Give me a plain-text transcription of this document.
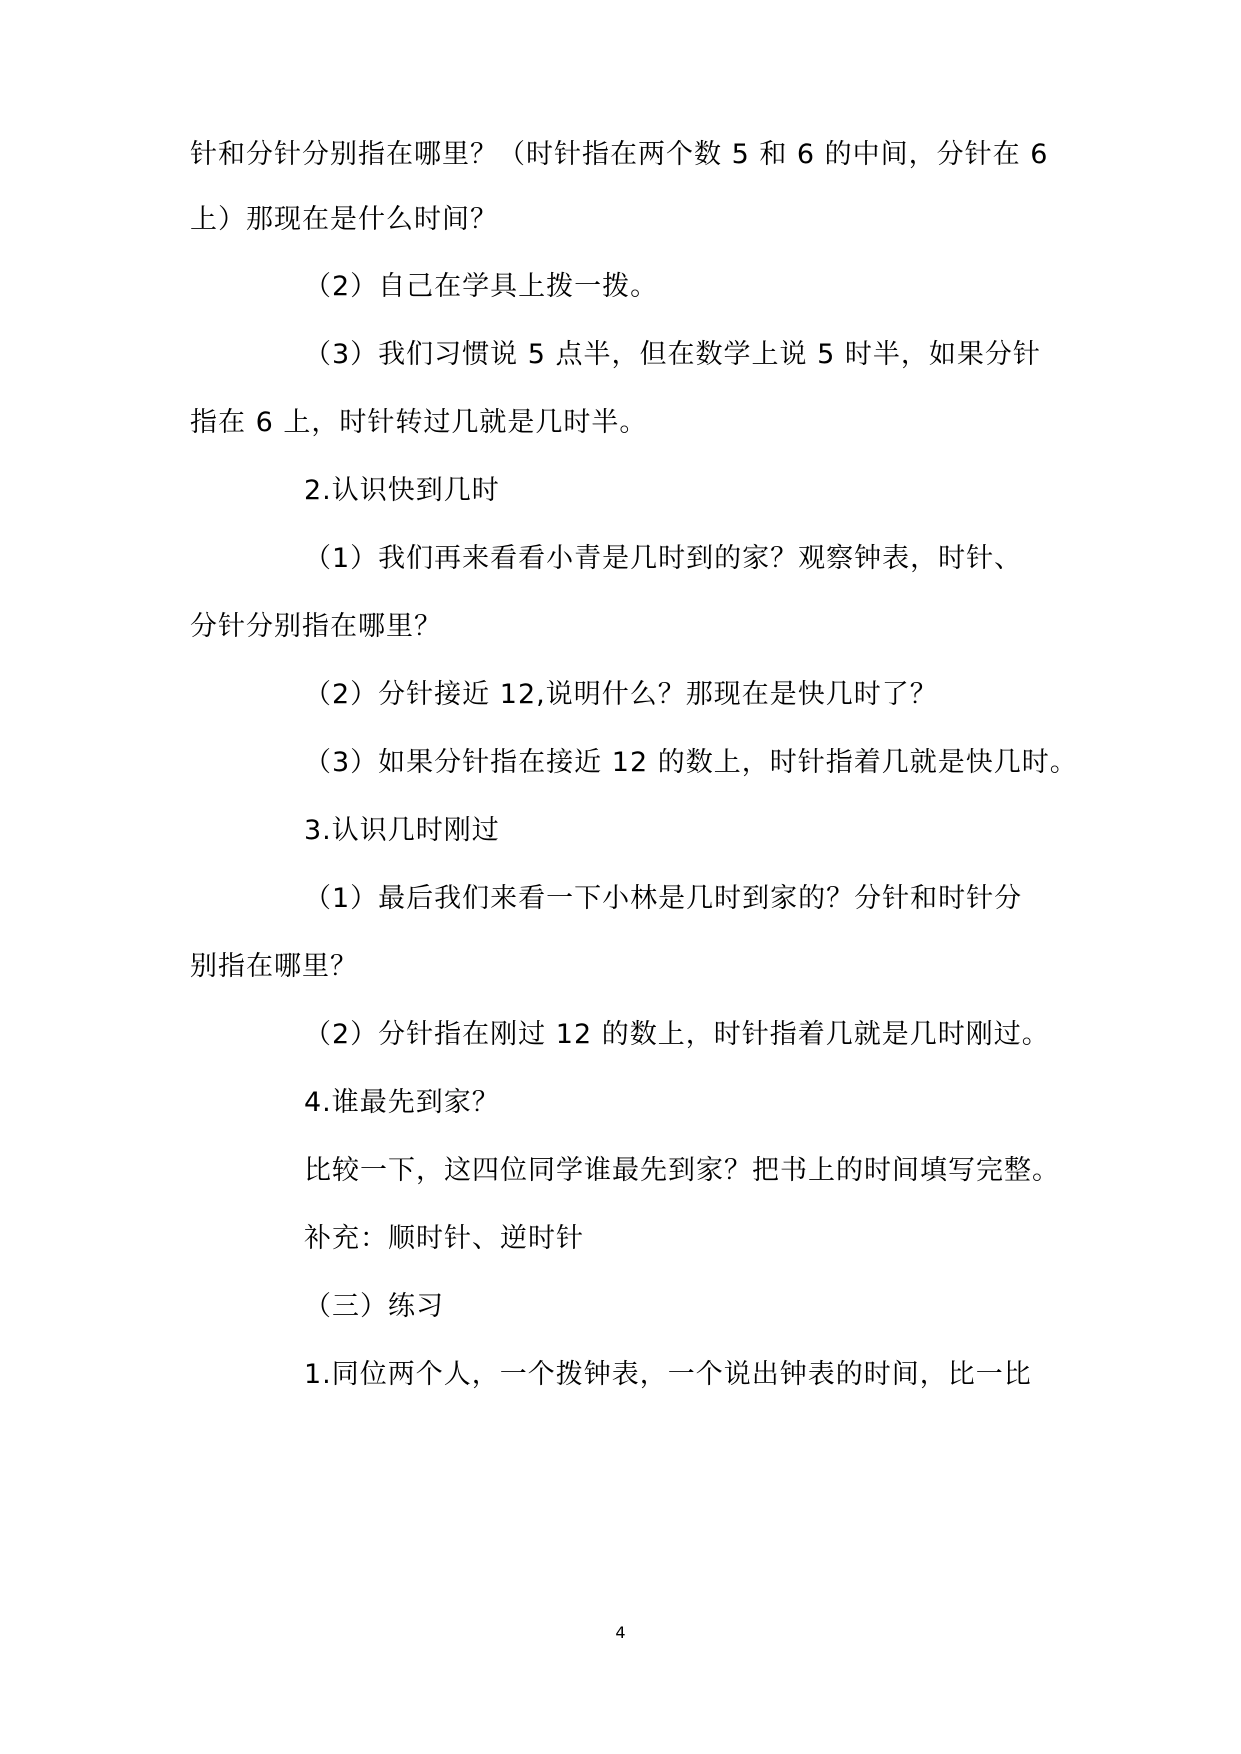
针和分针分别指在哪里？（时针指在两个数 5 和 6 的中间，分针在 6
上）那现在是什么时间？
（2）自己在学具上拨一拨。
（3）我们习惯说 5 点半，但在数学上说 5 时半，如果分针
指在 6 上，时针转过几就是几时半。
2.认识快到几时
（1）我们再来看看小青是几时到的家？观察钟表，时针、
分针分别指在哪里？
（2）分针接近 12,说明什么？那现在是快几时了？
（3）如果分针指在接近 12 的数上，时针指着几就是快几时。
3.认识几时刚过
（1）最后我们来看一下小林是几时到家的？分针和时针分
别指在哪里？
（2）分针指在刚过 12 的数上，时针指着几就是几时刚过。
4.谁最先到家？
比较一下，这四位同学谁最先到家？把书上的时间填写完整。
补充：顺时针、逆时针
（三）练习
1.同位两个人，一个拨钟表，一个说出钟表的时间，比一比
4
